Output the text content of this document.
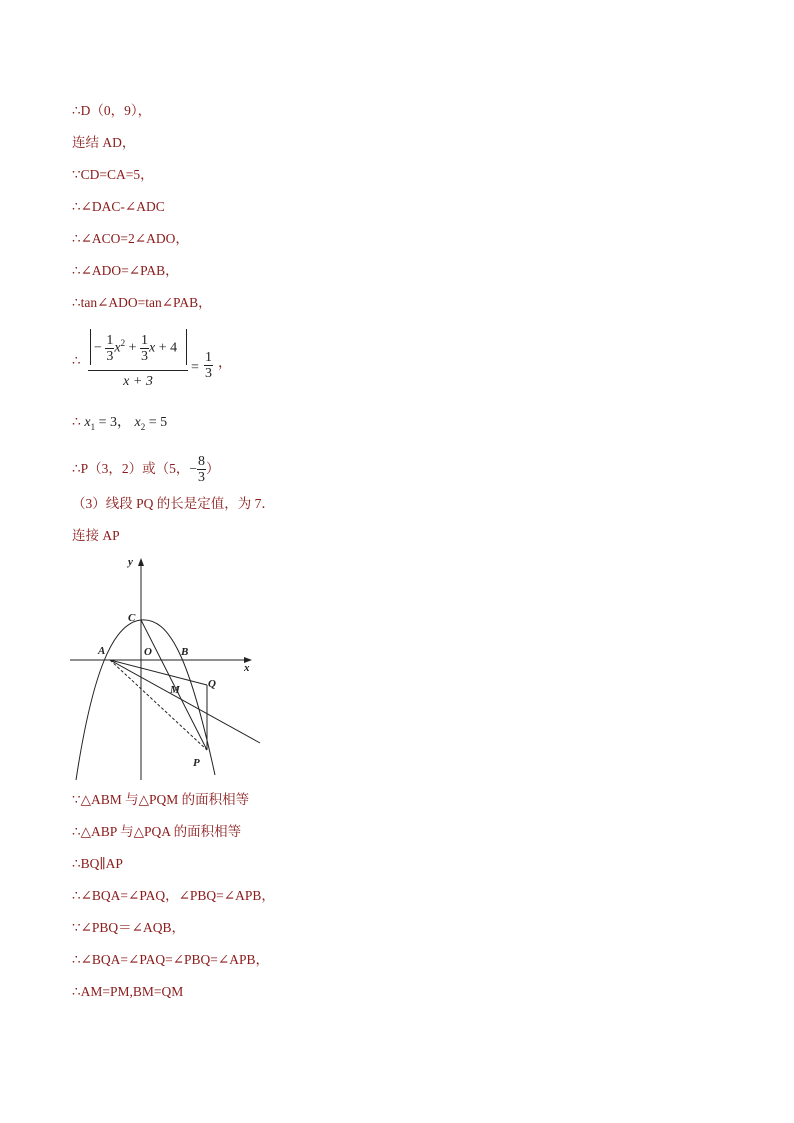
∴D（0，9），
连结 AD，
∵CD=CA=5，
∴∠DAC-∠ADC
∴∠ACO=2∠ADO，
∴∠ADO=∠PAB，
∴tan∠ADO=tan∠PAB，
∴
− $\frac{1}{3} x^2 + \frac{1}{3}$ x + 4
x + 3
= $\frac{1}{3}$ ，
∴ $x_1 = 3$， $x_2 = 5$
∴P（3，2）或（5，− $\frac{8}{3}$ ）
（3）线段 PQ 的长是定值，为 7．
连接 AP
y
x
C
A	O	B
M	Q
P
∵△ABM 与△PQM 的面积相等
∴△ABP 与△PQA 的面积相等
∴BQ∥AP
∴∠BQA=∠PAQ，∠PBQ=∠APB，
∵∠PBQ＝∠AQB，
∴∠BQA=∠PAQ=∠PBQ=∠APB，
∴AM=PM,BM=QM
